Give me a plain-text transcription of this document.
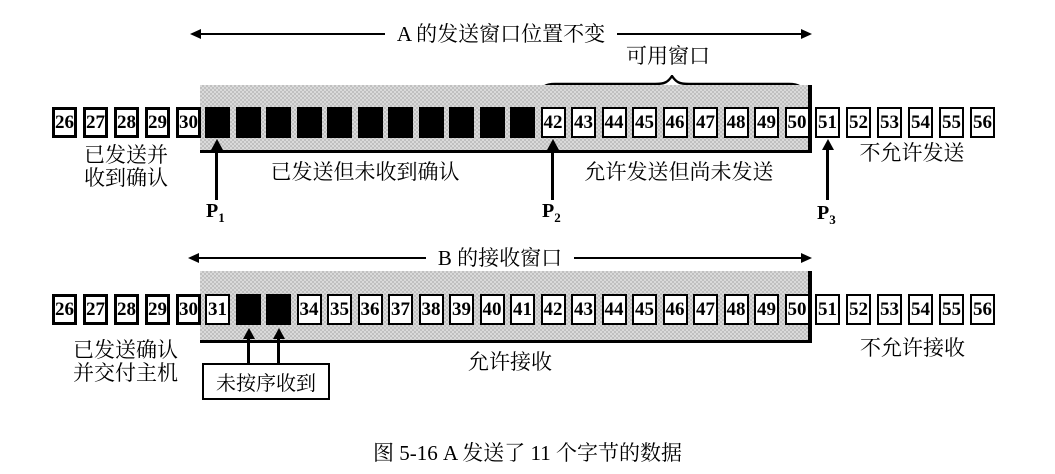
A 的发送窗口位置不变
可用窗口
26 27 28 29 30	42 43 44 45 46 47 48 49 50 51 52 53 54 55 56
已发送并
收到确认	已发送但未收到确认	允许发送但尚未发送
不允许发送
$P_1$	$P_2$	$P_3$
B 的接收窗口
26 27 28 29 30 31	34 35 36 37 38 39 40 41 42 43 44 45 46 47 48 49 50 51 52 53 54 55 56
已发送确认
并交付主机	未按序收到
允许接收
不允许接收
图 5-16 A 发送了 11 个字节的数据
